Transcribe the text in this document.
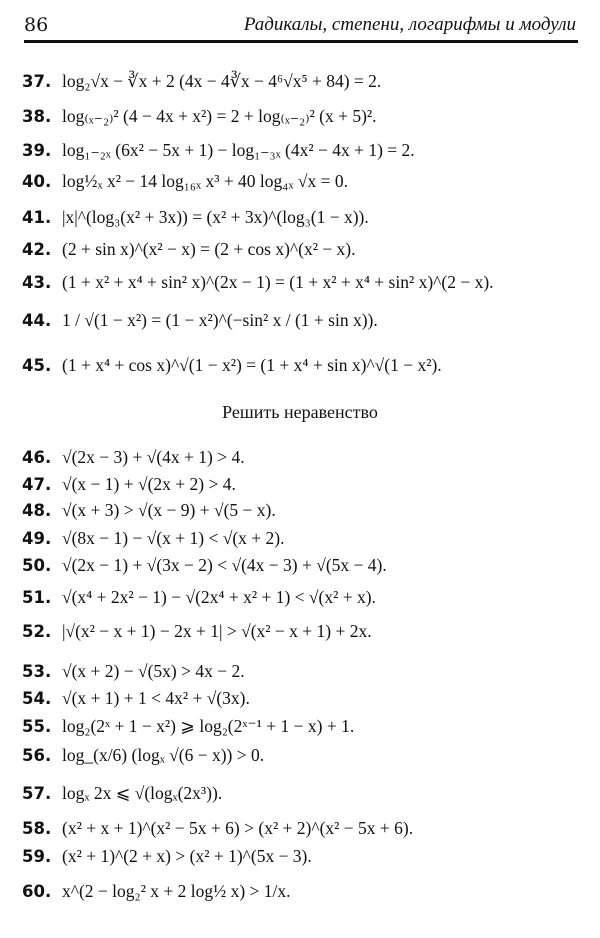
86	Радикалы, степени, логарифмы и модули
37. log₂√x − ∛x + 2 (4x − 4∛x − 4⁶√x⁵ + 84) = 2.
38. log₍ₓ₋₂₎² (4 − 4x + x²) = 2 + log₍ₓ₋₂₎² (x + 5)².
39. log₁₋₂ₓ (6x² − 5x + 1) − log₁₋₃ₓ (4x² − 4x + 1) = 2.
40. log½ₓ x² − 14 log₁₆ₓ x³ + 40 log₄ₓ √x = 0.
41. |x|^(log₃(x² + 3x)) = (x² + 3x)^(log₃(1 − x)).
42. (2 + sin x)^(x² − x) = (2 + cos x)^(x² − x).
43. (1 + x² + x⁴ + sin² x)^(2x − 1) = (1 + x² + x⁴ + sin² x)^(2 − x).
44. 1 / √(1 − x²) = (1 − x²)^(−sin² x / (1 + sin x)).
45. (1 + x⁴ + cos x)^√(1 − x²) = (1 + x⁴ + sin x)^√(1 − x²).
Решить неравенство
46. √(2x − 3) + √(4x + 1) > 4.
47. √(x − 1) + √(2x + 2) > 4.
48. √(x + 3) > √(x − 9) + √(5 − x).
49. √(8x − 1) − √(x + 1) < √(x + 2).
50. √(2x − 1) + √(3x − 2) < √(4x − 3) + √(5x − 4).
51. √(x⁴ + 2x² − 1) − √(2x⁴ + x² + 1) < √(x² + x).
52. |√(x² − x + 1) − 2x + 1| > √(x² − x + 1) + 2x.
53. √(x + 2) − √(5x) > 4x − 2.
54. √(x + 1) + 1 < 4x² + √(3x).
55. log₂(2ˣ + 1 − x²) ⩾ log₂(2ˣ⁻¹ + 1 − x) + 1.
56. log_(x/6) (logₓ √(6 − x)) > 0.
57. logₓ 2x ⩽ √(logₓ(2x³)).
58. (x² + x + 1)^(x² − 5x + 6) > (x² + 2)^(x² − 5x + 6).
59. (x² + 1)^(2 + x) > (x² + 1)^(5x − 3).
60. x^(2 − log₂² x + 2 log½ x) > 1/x.
